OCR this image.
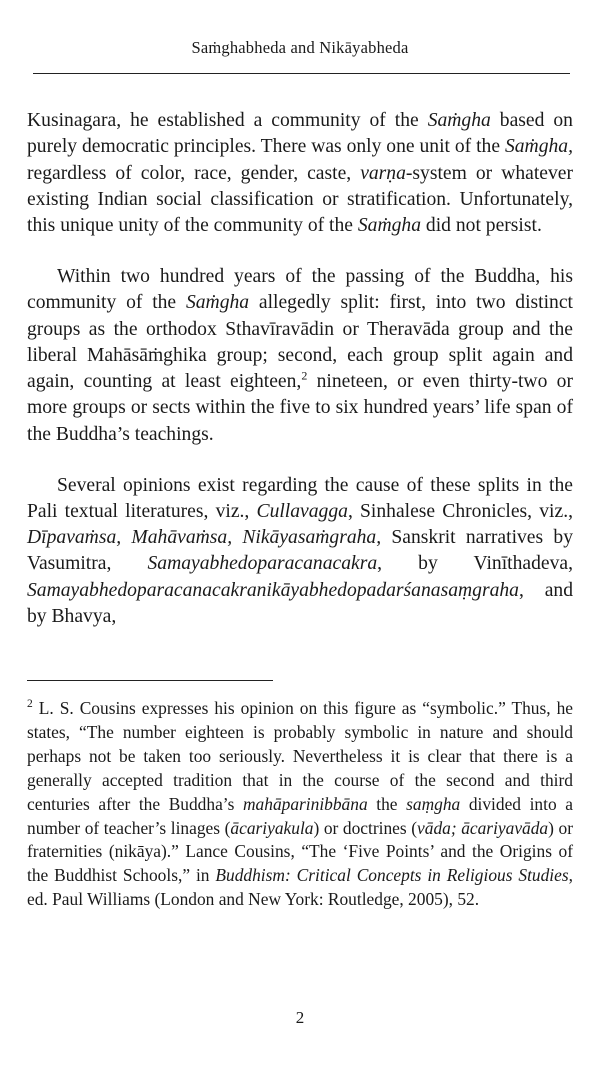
Saṁghabheda and Nikāyabheda

Kusinagara, he established a community of the Saṁgha based on purely democratic principles. There was only one unit of the Saṁgha, regardless of color, race, gender, caste, varṇa-system or whatever existing Indian social classification or stratification. Unfortunately, this unique unity of the community of the Saṁgha did not persist.

Within two hundred years of the passing of the Buddha, his community of the Saṁgha allegedly split: first, into two distinct groups as the orthodox Sthavīravādin or Theravāda group and the liberal Mahāsāṁghika group; second, each group split again and again, counting at least eighteen,$^2$ nineteen, or even thirty-two or more groups or sects within the five to six hundred years’ life span of the Buddha’s teachings.

Several opinions exist regarding the cause of these splits in the Pali textual literatures, viz., Cullavagga, Sinhalese Chronicles, viz., Dīpavaṁsa, Mahāvaṁsa, Nikāyasaṁgraha, Sanskrit narratives by Vasumitra, Samayabhedoparacanacakra, by Vinīthadeva, Samayabhedoparacanacakranikāyabhedopadarśanasaṃgraha, and by Bhavya,

$^2$ L. S. Cousins expresses his opinion on this figure as “symbolic.” Thus, he states, “The number eighteen is probably symbolic in nature and should perhaps not be taken too seriously. Nevertheless it is clear that there is a generally accepted tradition that in the course of the second and third centuries after the Buddha’s mahāparinibbāna the saṃgha divided into a number of teacher’s linages (ācariyakula) or doctrines (vāda; ācariyavāda) or fraternities (nikāya).” Lance Cousins, “The ‘Five Points’ and the Origins of the Buddhist Schools,” in Buddhism: Critical Concepts in Religious Studies, ed. Paul Williams (London and New York: Routledge, 2005), 52.

2
